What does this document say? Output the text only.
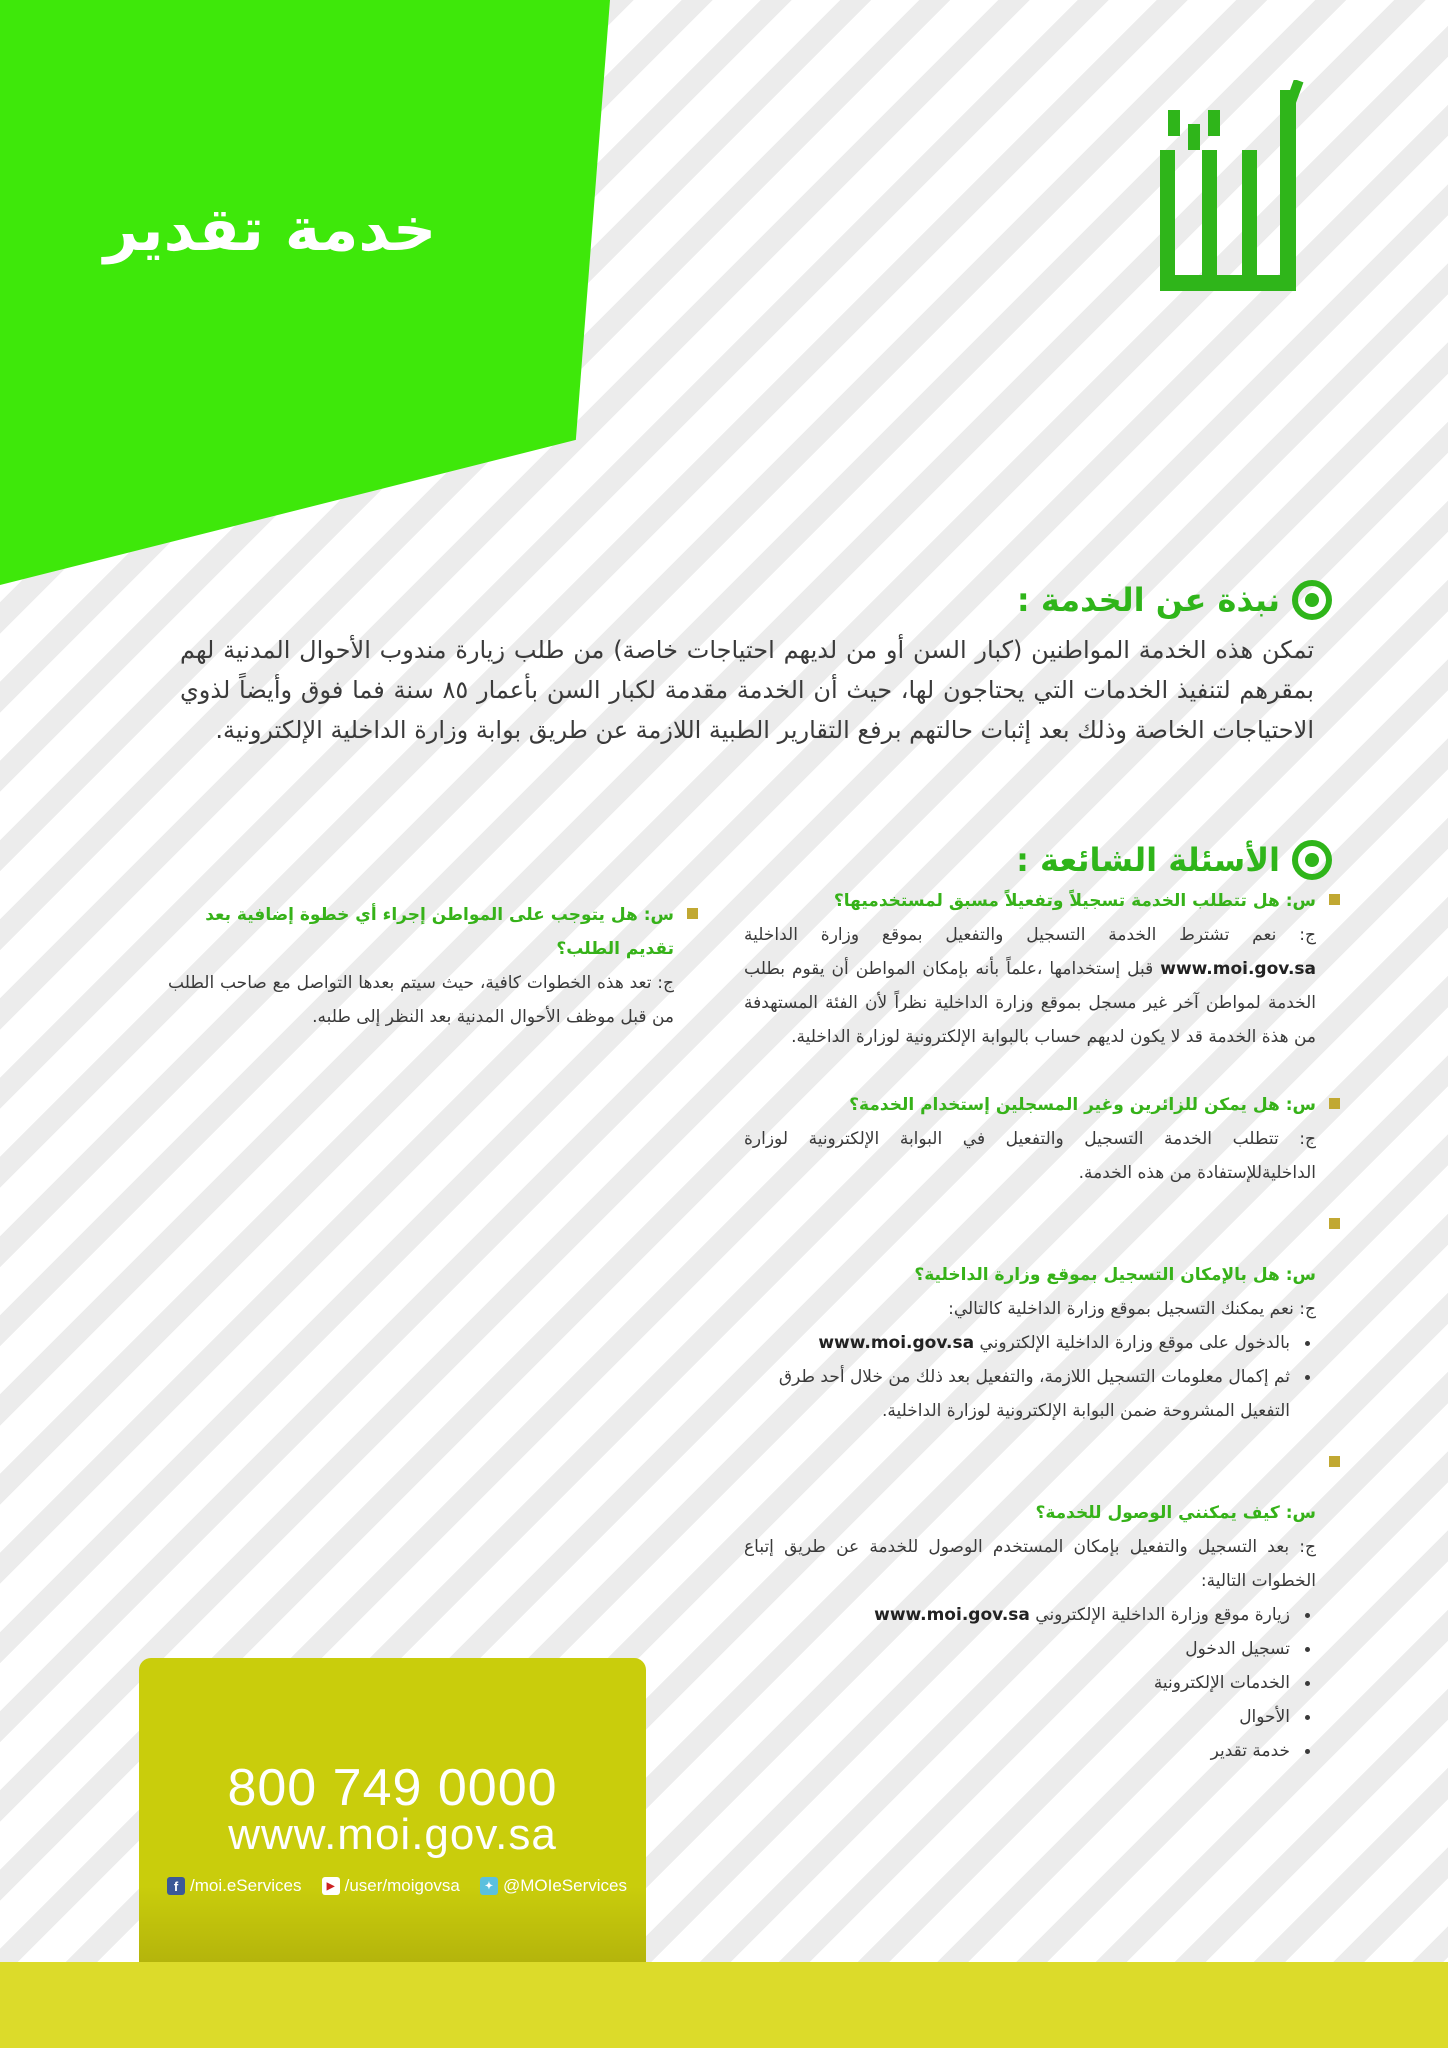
خدمة تقدير
نبذة عن الخدمة :
تمكن هذه الخدمة المواطنين (كبار السن أو من لديهم احتياجات خاصة) من طلب زيارة مندوب الأحوال المدنية لهم بمقرهم لتنفيذ الخدمات التي يحتاجون لها، حيث أن الخدمة مقدمة لكبار السن بأعمار ٨٥ سنة فما فوق وأيضاً لذوي الاحتياجات الخاصة وذلك بعد إثبات حالتهم برفع التقارير الطبية اللازمة عن طريق بوابة وزارة الداخلية الإلكترونية.
الأسئلة الشائعة :
س: هل تتطلب الخدمة تسجيلاً وتفعيلاً مسبق لمستخدميها؟
ج: نعم تشترط الخدمة التسجيل والتفعيل بموقع وزارة الداخلية www.moi.gov.sa قبل إستخدامها ،علماً بأنه بإمكان المواطن أن يقوم بطلب الخدمة لمواطن آخر غير مسجل بموقع وزارة الداخلية نظراً لأن الفئة المستهدفة من هذة الخدمة قد لا يكون لديهم حساب بالبوابة الإلكترونية لوزارة الداخلية.
س: هل يمكن للزائرين وغير المسجلين إستخدام الخدمة؟
ج: تتطلب الخدمة التسجيل والتفعيل في البوابة الإلكترونية لوزارة الداخليةللإستفادة من هذه الخدمة.
س: هل بالإمكان التسجيل بموقع وزارة الداخلية؟
ج: نعم يمكنك التسجيل بموقع وزارة الداخلية كالتالي:
بالدخول على موقع وزارة الداخلية الإلكتروني www.moi.gov.sa
ثم إكمال معلومات التسجيل اللازمة، والتفعيل بعد ذلك من خلال أحد طرق التفعيل المشروحة ضمن البوابة الإلكترونية لوزارة الداخلية.
س: كيف يمكنني الوصول للخدمة؟
ج: بعد التسجيل والتفعيل بإمكان المستخدم الوصول للخدمة عن طريق إتباع الخطوات التالية:
زيارة موقع وزارة الداخلية الإلكتروني www.moi.gov.sa
تسجيل الدخول
الخدمات الإلكترونية
الأحوال
خدمة تقدير
س: هل يتوجب على المواطن إجراء أي خطوة إضافية بعد تقديم الطلب؟
ج: تعد هذه الخطوات كافية، حيث سيتم بعدها التواصل مع صاحب الطلب من قبل موظف الأحوال المدنية بعد النظر إلى طلبه.
800 749 0000
www.moi.gov.sa
f /moi.eServices	▶ /user/moigovsa	✦ @MOIeServices
